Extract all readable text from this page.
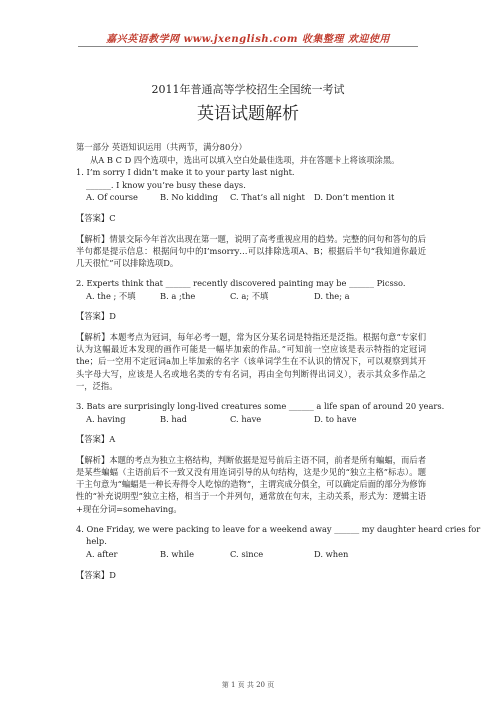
嘉兴英语教学网 www.jxenglish.com 收集整理 欢迎使用
2011年普通高等学校招生全国统一考试
英语试题解析
第一部分 英语知识运用（共两节，满分80分）
从A B C D 四个选项中，选出可以填入空白处最佳选项，并在答题卡上将该项涂黑。
1. I’m sorry I didn’t make it to your party last night.
______. I know you’re busy these days.
A. Of course	B. No kidding	C. That’s all night	D. Don’t mention it
【答案】C
【解析】情景交际今年首次出现在第一题，说明了高考重视应用的趋势。完整的问句和答句的后半句都是提示信息：根据问句中的I’msorry…可以排除选项A、B；根据后半句“我知道你最近几天很忙”可以排除选项D。
2. Experts think that ______ recently discovered painting may be ______ Picsso.
A. the ; 不填	B. a ;the	C. a; 不填	D. the; a
【答案】D
【解析】本题考点为冠词，每年必考一题，常为区分某名词是特指还是泛指。根据句意“专家们认为这幅最近本发现的画作可能是一幅毕加索的作品。”可知前一空应该是表示特指的定冠词the；后一空用不定冠词a加上毕加索的名字（该单词学生在不认识的情况下，可以观察到其开头字母大写，应该是人名或地名类的专有名词，再由全句判断得出词义），表示其众多作品之一，泛指。
3. Bats are surprisingly long-lived creatures some ______ a life span of around 20 years.
A. having	B. had	C. have	D. to have
【答案】A
【解析】本题的考点为独立主格结构，判断依据是逗号前后主语不同，前者是所有蝙蝠，而后者是某些蝙蝠（主语前后不一致又没有用连词引导的从句结构，这是少见的“独立主格”标志）。题干主句意为“蝙蝠是一种长寿得令人吃惊的造物”，主谓宾成分俱全，可以确定后面的部分为修饰性的“补充说明型”独立主格，相当于一个并列句，通常放在句末，主动关系，形式为：逻辑主语+现在分词=somehaving。
4. One Friday, we were packing to leave for a weekend away ______ my daughter heard cries for
help.
A. after	B. while	C. since	D. when
【答案】D
第 1 页 共 20 页
